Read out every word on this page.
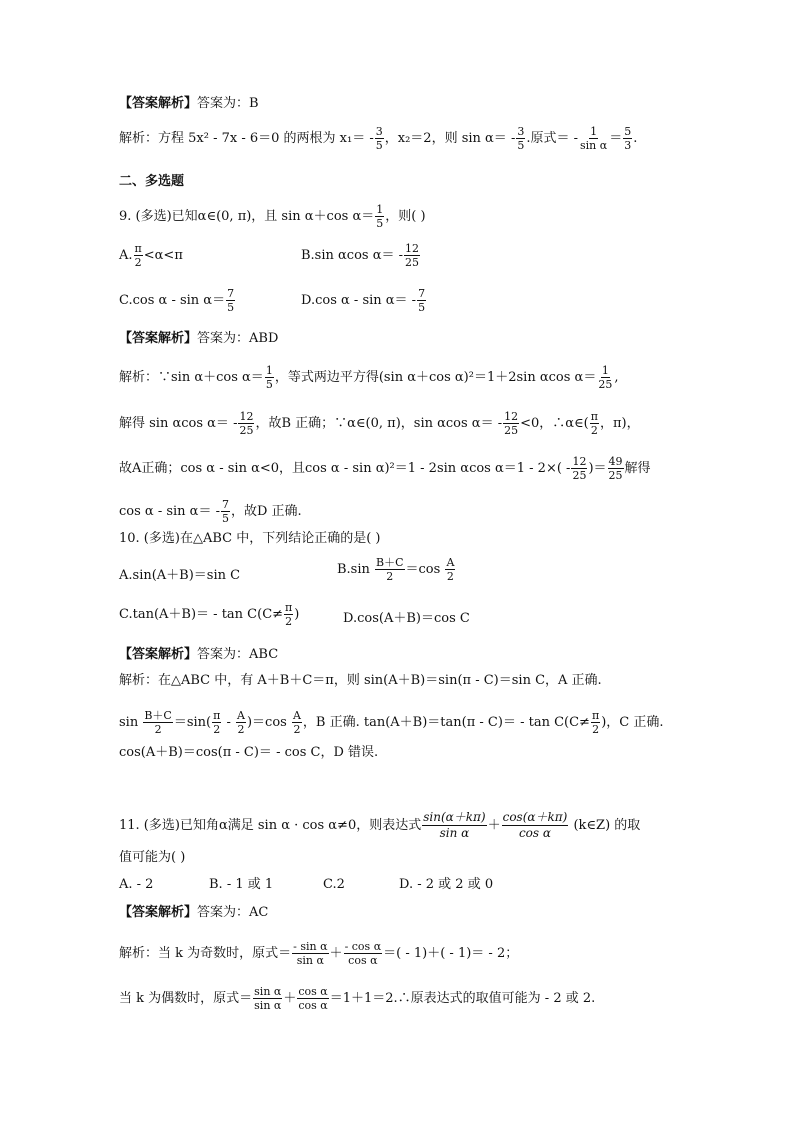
【答案解析】答案为：B
解析：方程 5x² - 7x - 6＝0 的两根为 $x_1= - \frac{3}{5}$ ，x₂＝2，则 $\sin \alpha= - \frac{3}{5}$ .原式＝ - $\frac{1}{\text{sin α}} = \frac{5}{3}$ .
二、多选题
9. (多选)已知α∈(0, π)，且 sin α＋cos $\alpha= \frac{1}{5}$ ，则( )
A. $\frac{\pi}{2} <\alpha<\pi$	B.sin αcos $\alpha= - \frac{12}{25}$
C.cos $\alpha - \sin \alpha= \frac{7}{5}$	D.cos $\alpha - \sin \alpha= - \frac{7}{5}$
【答案解析】答案为：ABD
解析：∵sin α＋cos $\alpha= \frac{1}{5}$ ，等式两边平方得(sin α＋cos α)²＝1＋2sin αcos $\alpha= \frac{1}{25}$ ,
解得 sin αcos $\alpha= - \frac{12}{25}$ ，故B 正确；∵α∈(0, π)，sin αcos $\alpha= - \frac{12}{25} <0$，∴α∈( $\frac{\pi}{2}$ ，π)，
故A正确；cos α - sin α<0，且cos α - sin α)²＝1 - 2sin αcos $\alpha=1 - 2\times( - \frac{12}{25}$ )＝ $\frac{49}{25}$ 解得
$\cos \alpha - \sin \alpha= - \frac{7}{5}$ ，故D 正确.
10. (多选)在△ABC 中，下列结论正确的是( )
A.sin(A＋B)＝sin C	$B.\sin \frac{B+C}{2} =\cos \frac{A}{2}$
$C.\tan(A+B)= - \tan C(C\ne \frac{\pi}{2}$ )	D.cos(A＋B)＝cos C
【答案解析】答案为：ABC
解析：在△ABC 中，有 A＋B＋C＝π，则 sin(A＋B)＝sin(π - C)＝sin C，A 正确.
$\sin \frac{B+C}{2} =\sin( \frac{\pi}{2} - \frac{A}{2} )=\cos \frac{A}{2}$ ，B 正确. $\tan(A+B)=\tan(\pi - C)= - \tan C(C\ne \frac{\pi}{2}$ )，C 正确.
cos(A＋B)＝cos(π - C)＝ - cos C，D 错误.
11. (多选)已知角α满足 sin α · cos α≠0，则表达式 $\frac{\sin(\alpha+k\pi)}{\text{sin α}} + \frac{\cos(\alpha+k\pi)}{\text{cos α}}$ (k∈Z) 的取
值可能为( )
A. - 2	B. - 1 或 1	C.2	D. - 2 或 2 或 0
【答案解析】答案为：AC
解析：当 k 为奇数时，原式＝ $\frac{\text{- sin α}}{\text{sin α}} + \frac{\text{- cos α}}{\text{cos α}}$ ＝( - 1)＋( - 1)＝ - 2；
当 k 为偶数时，原式＝ $\frac{\text{sin α}}{\text{sin α}} + \frac{\text{cos α}}{\text{cos α}}$ ＝1＋1＝2.∴原表达式的取值可能为 - 2 或 2.
